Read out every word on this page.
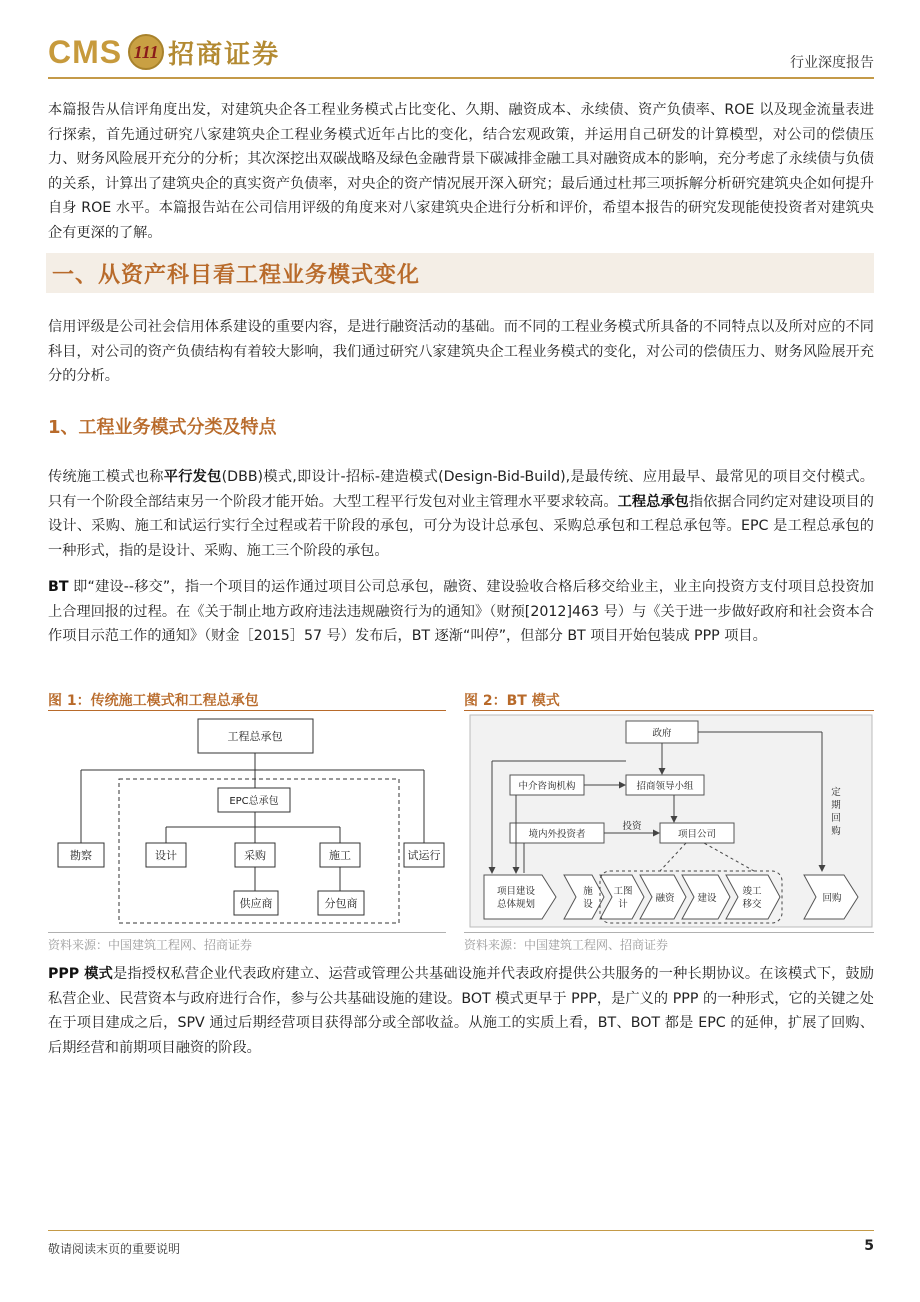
CMS 111 招商证券	行业深度报告

本篇报告从信评角度出发，对建筑央企各工程业务模式占比变化、久期、融资成本、永续债、资产负债率、ROE 以及现金流量表进行探索，首先通过研究八家建筑央企工程业务模式近年占比的变化，结合宏观政策，并运用自己研发的计算模型，对公司的偿债压力、财务风险展开充分的分析；其次深挖出双碳战略及绿色金融背景下碳减排金融工具对融资成本的影响，充分考虑了永续债与负债的关系，计算出了建筑央企的真实资产负债率，对央企的资产情况展开深入研究；最后通过杜邦三项拆解分析研究建筑央企如何提升自身 ROE 水平。本篇报告站在公司信用评级的角度来对八家建筑央企进行分析和评价，希望本报告的研究发现能使投资者对建筑央企有更深的了解。

一、从资产科目看工程业务模式变化

信用评级是公司社会信用体系建设的重要内容，是进行融资活动的基础。而不同的工程业务模式所具备的不同特点以及所对应的不同科目，对公司的资产负债结构有着较大影响，我们通过研究八家建筑央企工程业务模式的变化，对公司的偿债压力、财务风险展开充分的分析。

1、工程业务模式分类及特点

传统施工模式也称平行发包(DBB)模式,即设计-招标-建造模式(Design-Bid-Build),是最传统、应用最早、最常见的项目交付模式。只有一个阶段全部结束另一个阶段才能开始。大型工程平行发包对业主管理水平要求较高。工程总承包指依据合同约定对建设项目的设计、采购、施工和试运行实行全过程或若干阶段的承包，可分为设计总承包、采购总承包和工程总承包等。EPC 是工程总承包的一种形式，指的是设计、采购、施工三个阶段的承包。

BT 即“建设--移交”，指一个项目的运作通过项目公司总承包，融资、建设验收合格后移交给业主，业主向投资方支付项目总投资加上合理回报的过程。在《关于制止地方政府违法违规融资行为的通知》（财预[2012]463 号）与《关于进一步做好政府和社会资本合作项目示范工作的通知》（财金［2015］57 号）发布后，BT 逐渐“叫停”，但部分 BT 项目开始包装成 PPP 项目。

图 1：传统施工模式和工程总承包
工程总承包
EPC总承包
勘察	设计	采购	施工	试运行
供应商	分包商
资料来源：中国建筑工程网、招商证券
图 2：BT 模式
政府
中介咨询机构	招商领导小组
境内外投资者
投资
项目公司
定
期
回
购
项目建设
总体规划
施
设
工图
计
融资 建设
竣工
移交
回购
资料来源：中国建筑工程网、招商证券

PPP 模式是指授权私营企业代表政府建立、运营或管理公共基础设施并代表政府提供公共服务的一种长期协议。在该模式下，鼓励私营企业、民营资本与政府进行合作，参与公共基础设施的建设。BOT 模式更早于 PPP，是广义的 PPP 的一种形式，它的关键之处在于项目建成之后，SPV 通过后期经营项目获得部分或全部收益。从施工的实质上看，BT、BOT 都是 EPC 的延伸，扩展了回购、后期经营和前期项目融资的阶段。

敬请阅读末页的重要说明	5
